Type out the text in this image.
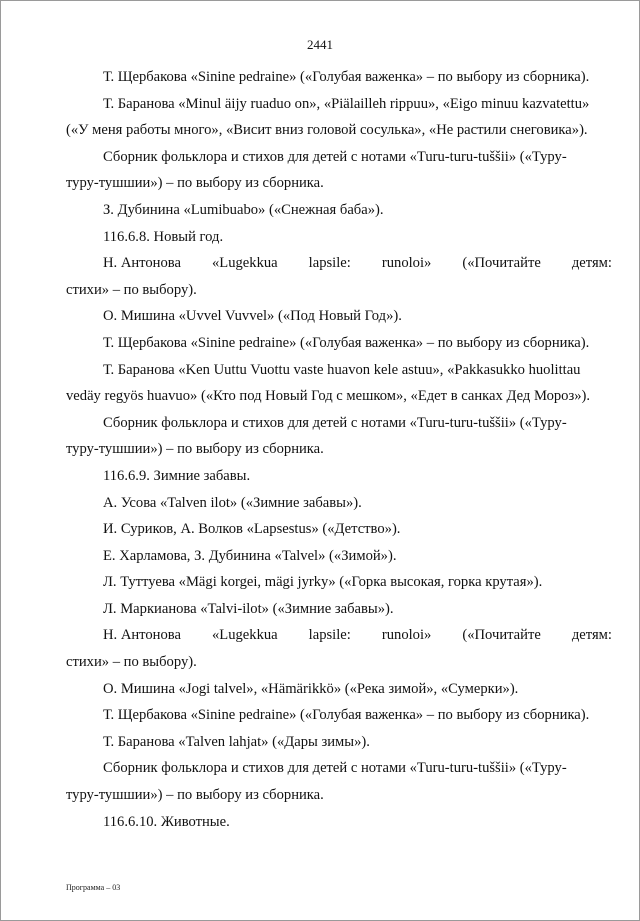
2441
Т. Щербакова «Sinine pedraine» («Голубая важенка» – по выбору из сборника).
Т. Баранова «Minul äijy ruaduo on», «Piälailleh rippuu», «Eigo minuu kazvatettu»
(«У меня работы много», «Висит вниз головой сосулька», «Не растили снеговика»).
Сборник фольклора и стихов для детей с нотами «Turu-turu-tuššii» («Туру-
туру-тушшии») – по выбору из сборника.
З. Дубинина «Lumibuabo» («Снежная баба»).
116.6.8. Новый год.
Н. Антонова «Lugekkua lapsile: runoloi» («Почитайте детям:
стихи» – по выбору).
О. Мишина «Uvvel Vuvvel» («Под Новый Год»).
Т. Щербакова «Sinine pedraine» («Голубая важенка» – по выбору из сборника).
Т. Баранова «Ken Uuttu Vuottu vaste huavon kele astuu», «Pakkasukko huolittau
vedäy regyös huavuo» («Кто под Новый Год с мешком», «Едет в санках Дед Мороз»).
Сборник фольклора и стихов для детей с нотами «Turu-turu-tuššii» («Туру-
туру-тушшии») – по выбору из сборника.
116.6.9. Зимние забавы.
А. Усова «Talven ilot» («Зимние забавы»).
И. Суриков, А. Волков «Lapsestus» («Детство»).
Е. Харламова, З. Дубинина «Talvel» («Зимой»).
Л. Туттуева «Mägi korgei, mägi jyrky» («Горка высокая, горка крутая»).
Л. Маркианова «Talvi-ilot» («Зимние забавы»).
Н. Антонова «Lugekkua lapsile: runoloi» («Почитайте детям:
стихи» – по выбору).
О. Мишина «Jogi talvel», «Hämärikkö» («Река зимой», «Сумерки»).
Т. Щербакова «Sinine pedraine» («Голубая важенка» – по выбору из сборника).
Т. Баранова «Talven lahjat» («Дары зимы»).
Сборник фольклора и стихов для детей с нотами «Turu-turu-tuššii» («Туру-
туру-тушшии») – по выбору из сборника.
116.6.10. Животные.
Программа – 03
